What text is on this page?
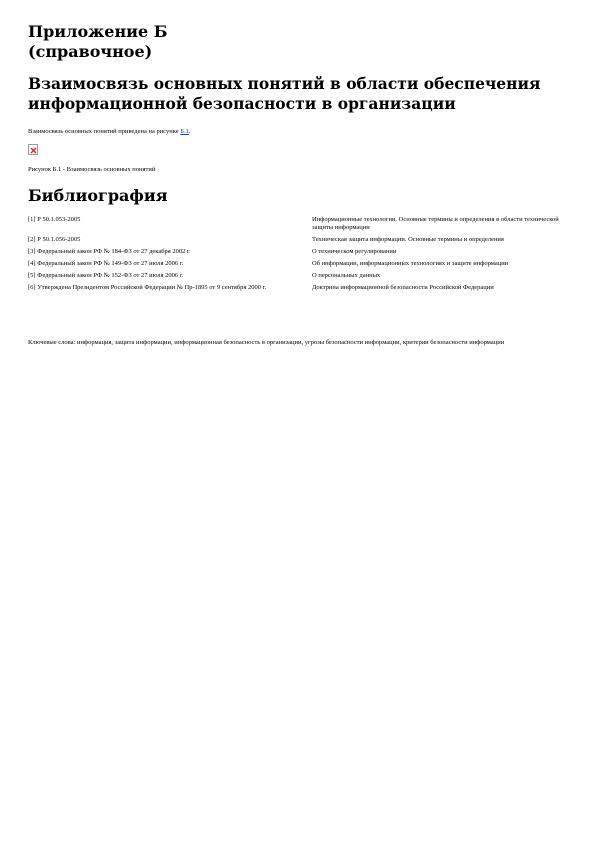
Приложение Б
(справочное)
Взаимосвязь основных понятий в области обеспечения
информационной безопасности в организации
Взаимосвязь основных понятий приведена на рисунке Б.1.
Рисунок Б.1 - Взаимосвязь основных понятий
Библиография
[1] Р 50.1.053-2005	Информационные технологии. Основные термины и определения в области технической защиты информации
[2] Р 50.1.056-2005	Техническая защита информации. Основные термины и определения
[3] Федеральный закон РФ № 184-ФЗ от 27 декабря 2002 г.	О техническом регулировании
[4] Федеральный закон РФ № 149-ФЗ от 27 июля 2006 г.	Об информации, информационных технологиях и защите информации
[5] Федеральный закон РФ № 152-ФЗ от 27 июля 2006 г.	О персональных данных
[6] Утверждена Президентом Российской Федерации № Пр-1895 от 9 сентября 2000 г.	Доктрина информационной безопасности Российской Федерации
Ключевые слова: информация, защита информации, информационная безопасность в организации, угрозы безопасности информации, критерии безопасности информации
